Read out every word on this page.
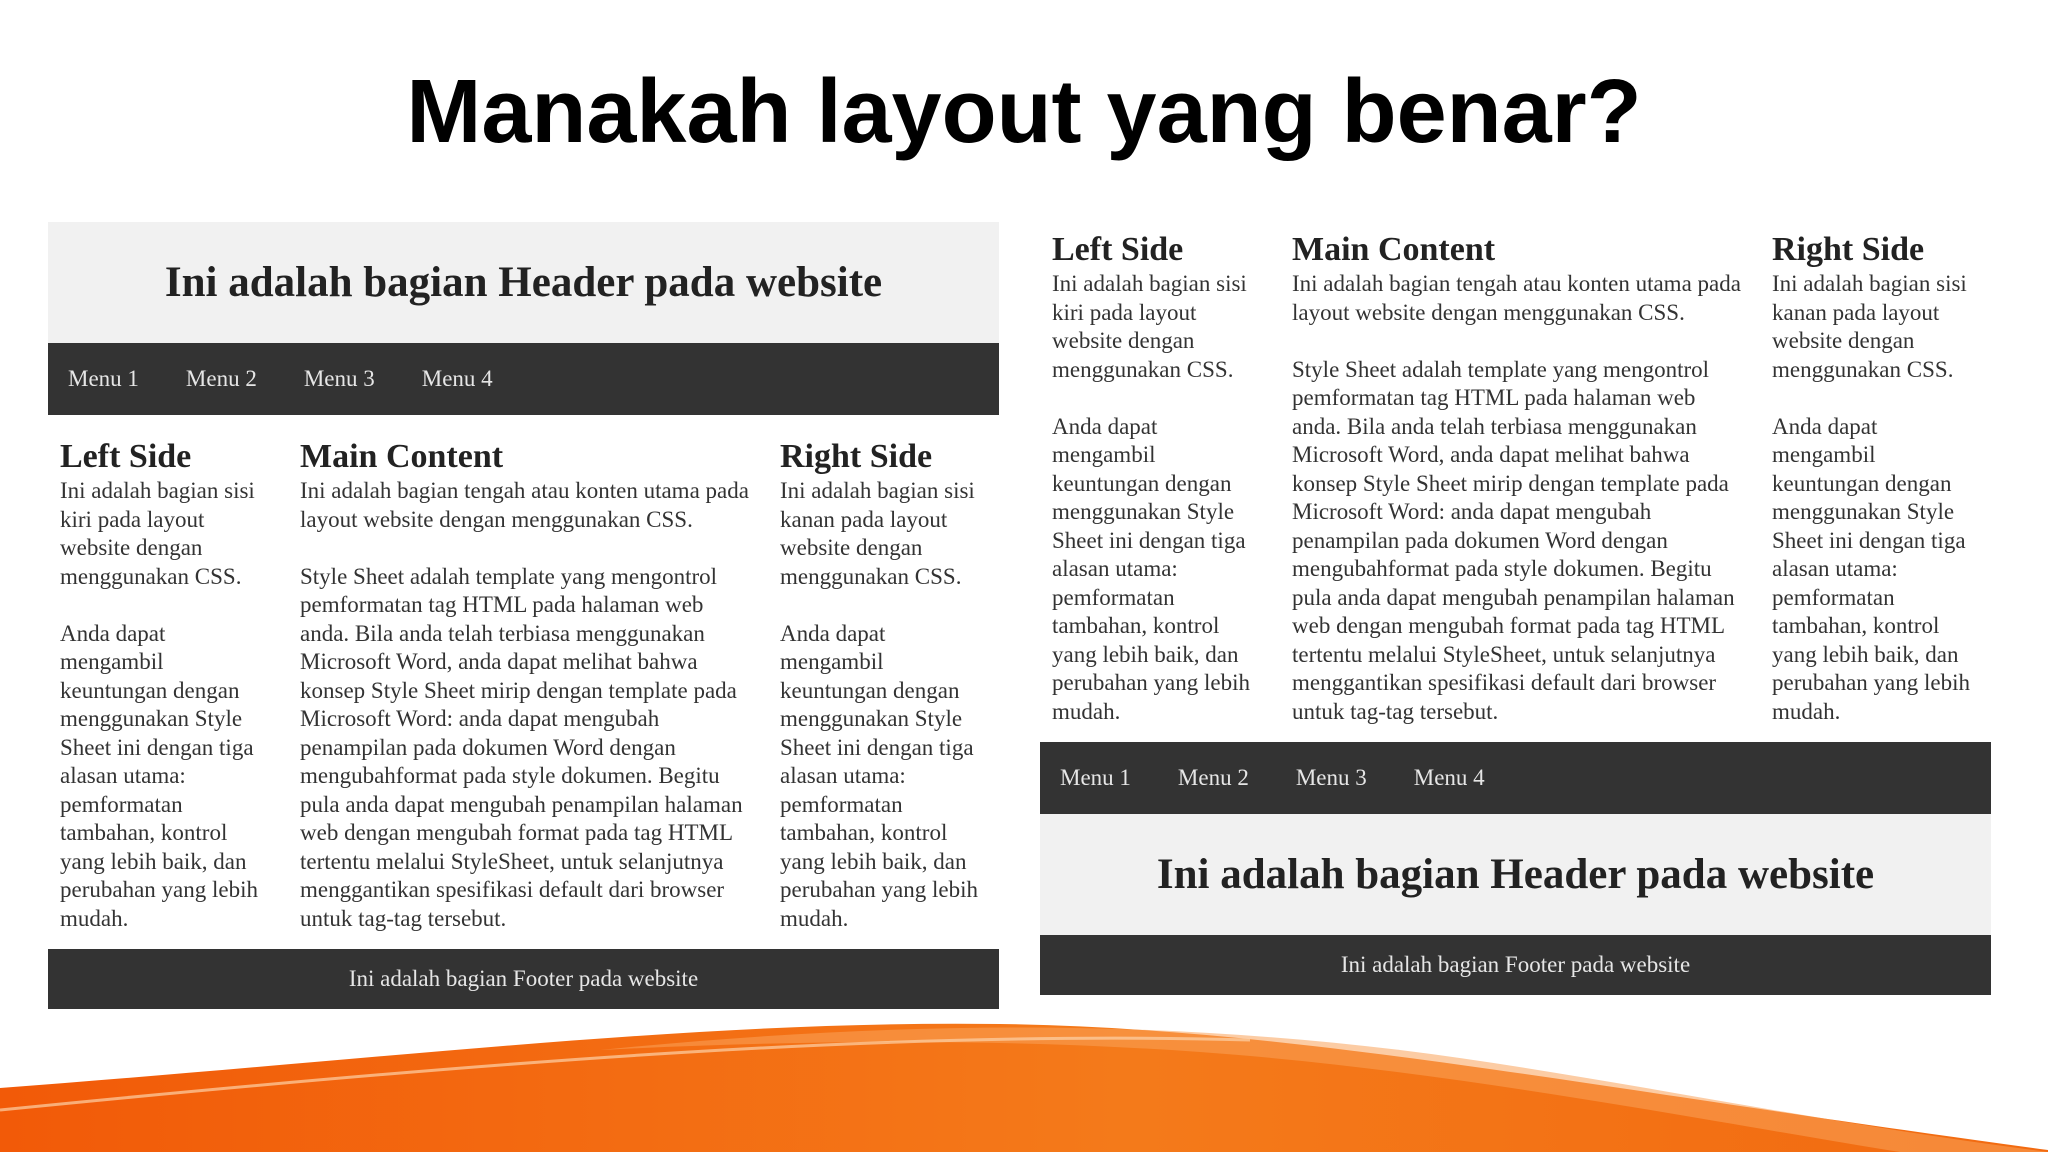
Manakah layout yang benar?
Ini adalah bagian Header pada website
Menu 1 Menu 2 Menu 3 Menu 4
Left Side

Ini adalah bagian sisi
kiri pada layout
website dengan
menggunakan CSS.

Anda dapat
mengambil
keuntungan dengan
menggunakan Style
Sheet ini dengan tiga
alasan utama:
pemformatan
tambahan, kontrol
yang lebih baik, dan
perubahan yang lebih
mudah.

Main Content

Ini adalah bagian tengah atau konten utama pada
layout website dengan menggunakan CSS.

Style Sheet adalah template yang mengontrol
pemformatan tag HTML pada halaman web
anda. Bila anda telah terbiasa menggunakan
Microsoft Word, anda dapat melihat bahwa
konsep Style Sheet mirip dengan template pada
Microsoft Word: anda dapat mengubah
penampilan pada dokumen Word dengan
mengubahformat pada style dokumen. Begitu
pula anda dapat mengubah penampilan halaman
web dengan mengubah format pada tag HTML
tertentu melalui StyleSheet, untuk selanjutnya
menggantikan spesifikasi default dari browser
untuk tag-tag tersebut.

Right Side

Ini adalah bagian sisi
kanan pada layout
website dengan
menggunakan CSS.

Anda dapat
mengambil
keuntungan dengan
menggunakan Style
Sheet ini dengan tiga
alasan utama:
pemformatan
tambahan, kontrol
yang lebih baik, dan
perubahan yang lebih
mudah.

Ini adalah bagian Footer pada website
Left Side

Ini adalah bagian sisi
kiri pada layout
website dengan
menggunakan CSS.

Anda dapat
mengambil
keuntungan dengan
menggunakan Style
Sheet ini dengan tiga
alasan utama:
pemformatan
tambahan, kontrol
yang lebih baik, dan
perubahan yang lebih
mudah.

Main Content

Ini adalah bagian tengah atau konten utama pada
layout website dengan menggunakan CSS.

Style Sheet adalah template yang mengontrol
pemformatan tag HTML pada halaman web
anda. Bila anda telah terbiasa menggunakan
Microsoft Word, anda dapat melihat bahwa
konsep Style Sheet mirip dengan template pada
Microsoft Word: anda dapat mengubah
penampilan pada dokumen Word dengan
mengubahformat pada style dokumen. Begitu
pula anda dapat mengubah penampilan halaman
web dengan mengubah format pada tag HTML
tertentu melalui StyleSheet, untuk selanjutnya
menggantikan spesifikasi default dari browser
untuk tag-tag tersebut.

Right Side

Ini adalah bagian sisi
kanan pada layout
website dengan
menggunakan CSS.

Anda dapat
mengambil
keuntungan dengan
menggunakan Style
Sheet ini dengan tiga
alasan utama:
pemformatan
tambahan, kontrol
yang lebih baik, dan
perubahan yang lebih
mudah.

Menu 1 Menu 2 Menu 3 Menu 4
Ini adalah bagian Header pada website
Ini adalah bagian Footer pada website
